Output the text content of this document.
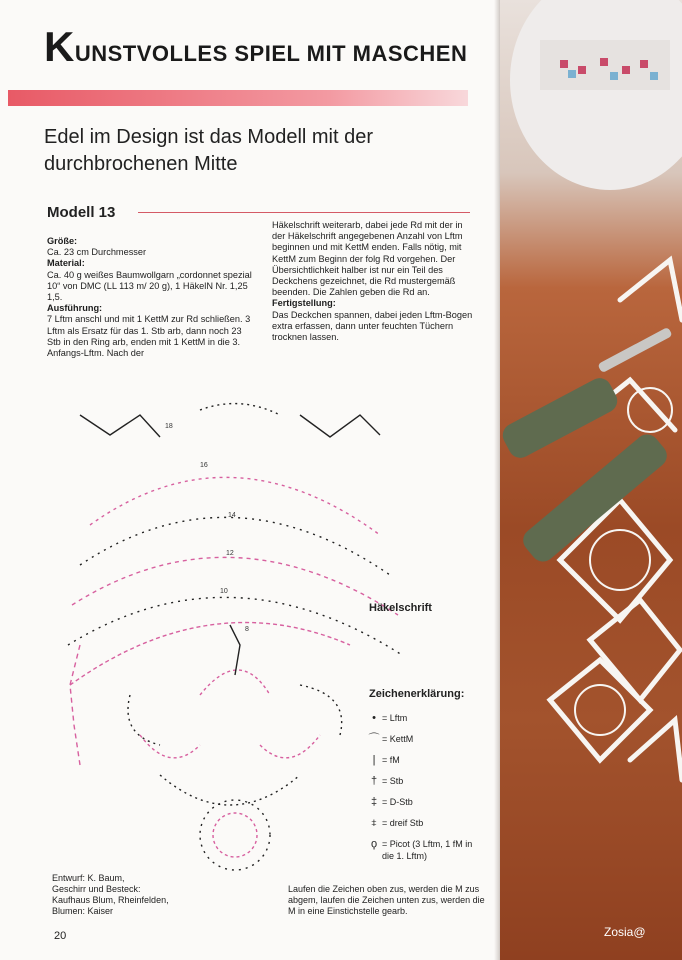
KUNSTVOLLES SPIEL MIT MASCHEN
Edel im Design ist das Modell mit der durchbrochenen Mitte
Modell 13
Größe:
Ca. 23 cm Durchmesser
Material:
Ca. 40 g weißes Baumwollgarn „cordonnet spezial 10“ von DMC (LL 113 m/ 20 g), 1 HäkelN Nr. 1,25 1,5.
Ausführung:
7 Lftm anschl und mit 1 KettM zur Rd schließen. 3 Lftm als Ersatz für das 1. Stb arb, dann noch 23 Stb in den Ring arb, enden mit 1 KettM in die 3. Anfangs-Lftm. Nach der
Häkelschrift weiterarb, dabei jede Rd mit der in der Häkelschrift angegebenen Anzahl von Lftm beginnen und mit KettM enden. Falls nötig, mit KettM zum Beginn der folg Rd vorgehen. Der Übersichtlichkeit halber ist nur ein Teil des Deckchens gezeichnet, die Rd mustergemäß beenden. Die Zahlen geben die Rd an.
Fertigstellung:
Das Deckchen spannen, dabei jeden Lftm-Bogen extra erfassen, dann unter feuchten Tüchern trocknen lassen.
18
16
14
12
10
8
Häkelschrift
Zeichenerklärung:
• = Lftm
⌒ = KettM
| = fM
† = Stb
‡ = D-Stb
⧧ = dreif Stb
ϙ = Picot (3 Lftm, 1 fM in die 1. Lftm)
Laufen die Zeichen oben zus, werden die M zus abgem, laufen die Zeichen unten zus, werden die M in eine Einstichstelle gearb.
Entwurf: K. Baum,
Geschirr und Besteck:
Kaufhaus Blum, Rheinfelden,
Blumen: Kaiser
20	Zosia@
